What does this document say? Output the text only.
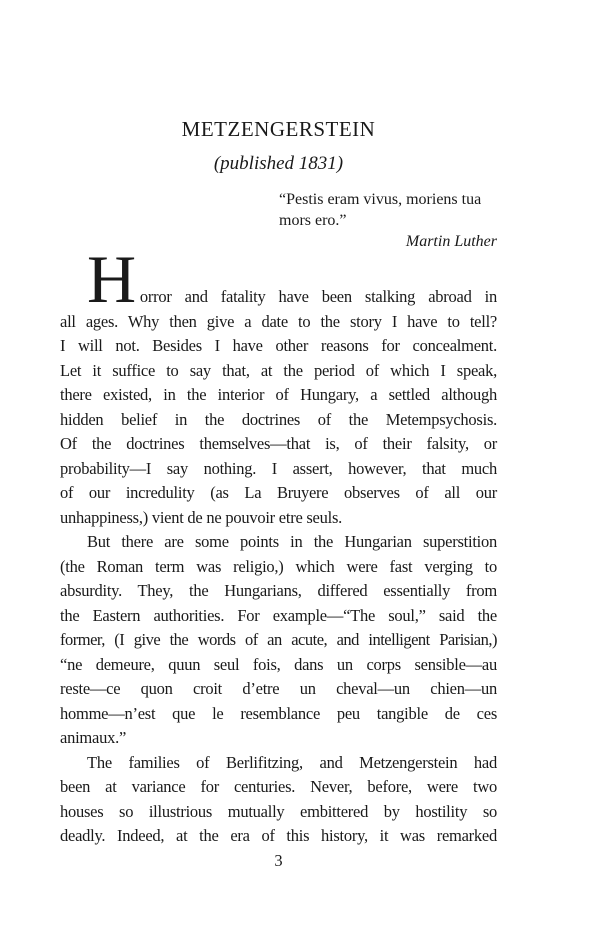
METZENGERSTEIN
(published 1831)
“Pestis eram vivus, moriens tua
mors ero.”
Martin Luther
Horror and fatality have been stalking abroad in
all ages. Why then give a date to the story I have to tell?
I will not. Besides I have other reasons for concealment.
Let it suffice to say that, at the period of which I speak,
there existed, in the interior of Hungary, a settled although
hidden belief in the doctrines of the Metempsychosis.
Of the doctrines themselves—that is, of their falsity, or
probability—I say nothing. I assert, however, that much
of our incredulity (as La Bruyere observes of all our
unhappiness,) vient de ne pouvoir etre seuls.
But there are some points in the Hungarian superstition
(the Roman term was religio,) which were fast verging to
absurdity. They, the Hungarians, differed essentially from
the Eastern authorities. For example—“The soul,” said the
former, (I give the words of an acute, and intelligent Parisian,)
“ne demeure, quun seul fois, dans un corps sensible—au
reste—ce quon croit d’etre un cheval—un chien—un
homme—n’est que le resemblance peu tangible de ces
animaux.”
The families of Berlifitzing, and Metzengerstein had
been at variance for centuries. Never, before, were two
houses so illustrious mutually embittered by hostility so
deadly. Indeed, at the era of this history, it was remarked
3
